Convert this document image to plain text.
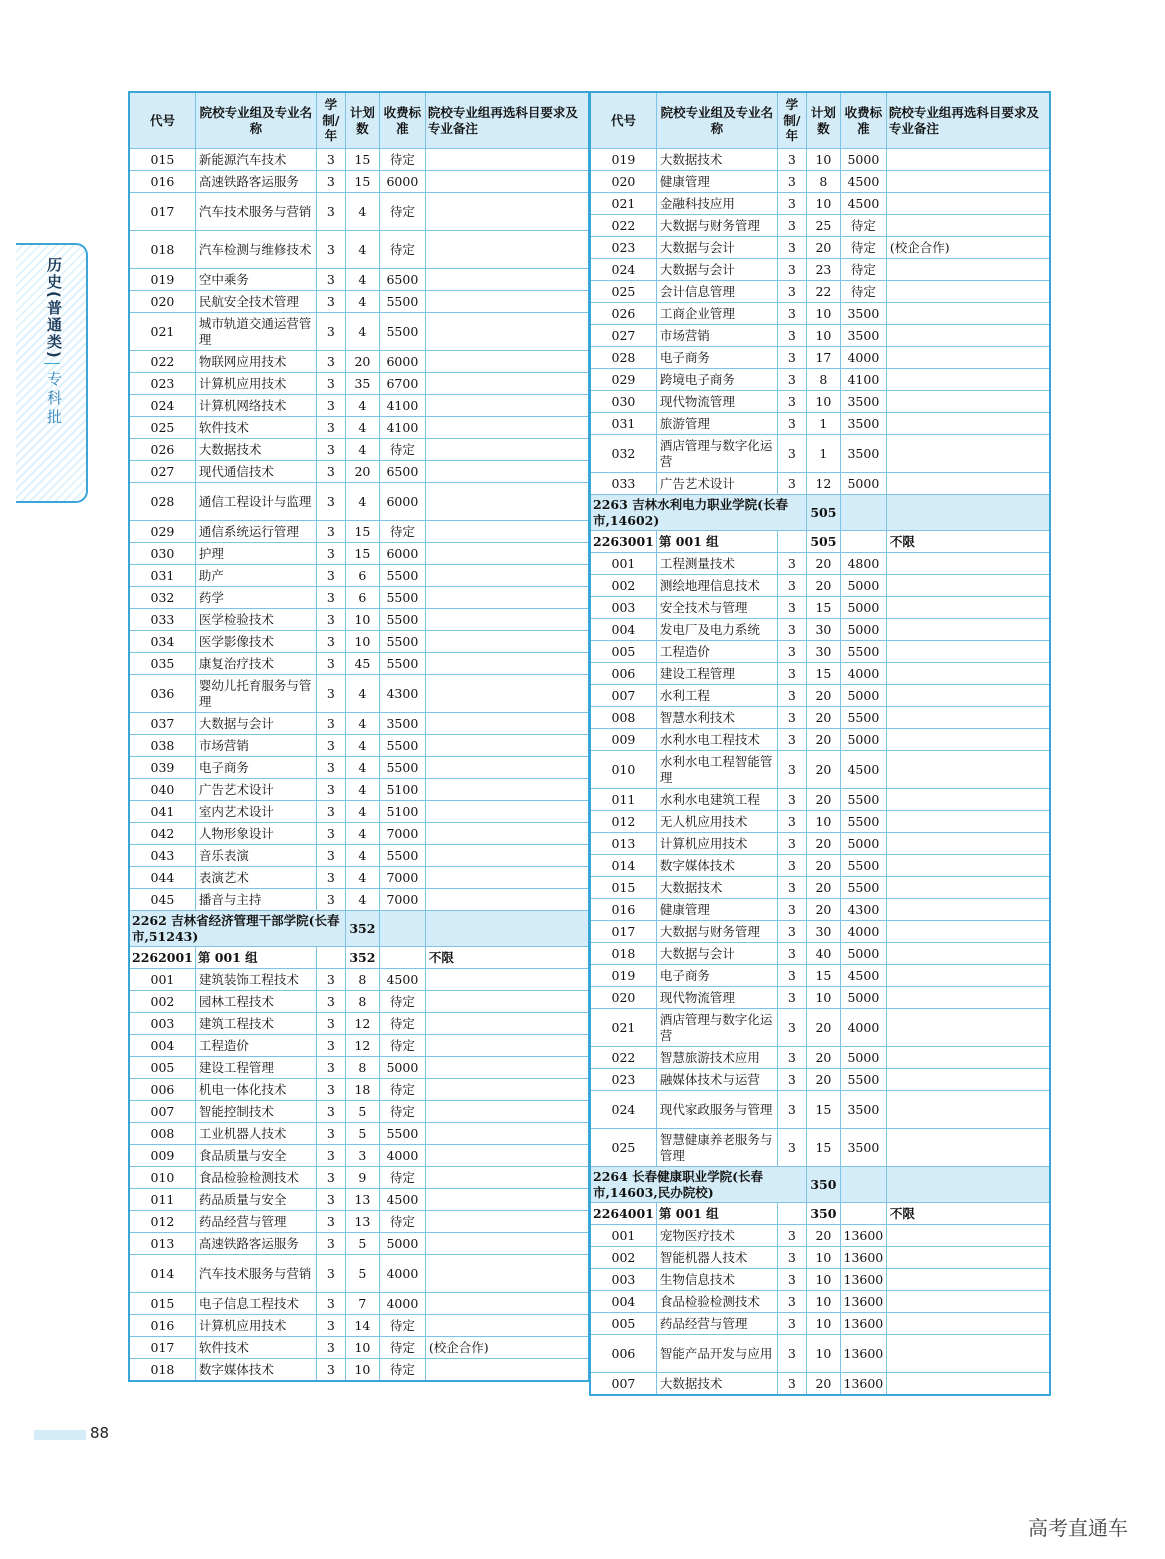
历史(普通类)
专科批
代号	院校专业组及专业名称	学制/年	计划数	收费标准	院校专业组再选科目要求及专业备注
015	新能源汽车技术	3	15	待定	
016	高速铁路客运服务	3	15	6000	
017	汽车技术服务与营销	3	4	待定	
018	汽车检测与维修技术	3	4	待定	
019	空中乘务	3	4	6500	
020	民航安全技术管理	3	4	5500	
021	城市轨道交通运营管理	3	4	5500	
022	物联网应用技术	3	20	6000	
023	计算机应用技术	3	35	6700	
024	计算机网络技术	3	4	4100	
025	软件技术	3	4	4100	
026	大数据技术	3	4	待定	
027	现代通信技术	3	20	6500	
028	通信工程设计与监理	3	4	6000	
029	通信系统运行管理	3	15	待定	
030	护理	3	15	6000	
031	助产	3	6	5500	
032	药学	3	6	5500	
033	医学检验技术	3	10	5500	
034	医学影像技术	3	10	5500	
035	康复治疗技术	3	45	5500	
036	婴幼儿托育服务与管理	3	4	4300	
037	大数据与会计	3	4	3500	
038	市场营销	3	4	5500	
039	电子商务	3	4	5500	
040	广告艺术设计	3	4	5100	
041	室内艺术设计	3	4	5100	
042	人物形象设计	3	4	7000	
043	音乐表演	3	4	5500	
044	表演艺术	3	4	7000	
045	播音与主持	3	4	7000	
2262 吉林省经济管理干部学院(长春市,51243)			352		
2262001	第 001 组		352		不限
001	建筑装饰工程技术	3	8	4500	
002	园林工程技术	3	8	待定	
003	建筑工程技术	3	12	待定	
004	工程造价	3	12	待定	
005	建设工程管理	3	8	5000	
006	机电一体化技术	3	18	待定	
007	智能控制技术	3	5	待定	
008	工业机器人技术	3	5	5500	
009	食品质量与安全	3	3	4000	
010	食品检验检测技术	3	9	待定	
011	药品质量与安全	3	13	4500	
012	药品经营与管理	3	13	待定	
013	高速铁路客运服务	3	5	5000	
014	汽车技术服务与营销	3	5	4000	
015	电子信息工程技术	3	7	4000	
016	计算机应用技术	3	14	待定	
017	软件技术	3	10	待定	(校企合作)
018	数字媒体技术	3	10	待定	
代号	院校专业组及专业名称	学制/年	计划数	收费标准	院校专业组再选科目要求及专业备注
019	大数据技术	3	10	5000	
020	健康管理	3	8	4500	
021	金融科技应用	3	10	4500	
022	大数据与财务管理	3	25	待定	
023	大数据与会计	3	20	待定	(校企合作)
024	大数据与会计	3	23	待定	
025	会计信息管理	3	22	待定	
026	工商企业管理	3	10	3500	
027	市场营销	3	10	3500	
028	电子商务	3	17	4000	
029	跨境电子商务	3	8	4100	
030	现代物流管理	3	10	3500	
031	旅游管理	3	1	3500	
032	酒店管理与数字化运营	3	1	3500	
033	广告艺术设计	3	12	5000	
2263 吉林水利电力职业学院(长春市,14602)			505		
2263001	第 001 组		505		不限
001	工程测量技术	3	20	4800	
002	测绘地理信息技术	3	20	5000	
003	安全技术与管理	3	15	5000	
004	发电厂及电力系统	3	30	5000	
005	工程造价	3	30	5500	
006	建设工程管理	3	15	4000	
007	水利工程	3	20	5000	
008	智慧水利技术	3	20	5500	
009	水利水电工程技术	3	20	5000	
010	水利水电工程智能管理	3	20	4500	
011	水利水电建筑工程	3	20	5500	
012	无人机应用技术	3	10	5500	
013	计算机应用技术	3	20	5000	
014	数字媒体技术	3	20	5500	
015	大数据技术	3	20	5500	
016	健康管理	3	20	4300	
017	大数据与财务管理	3	30	4000	
018	大数据与会计	3	40	5000	
019	电子商务	3	15	4500	
020	现代物流管理	3	10	5000	
021	酒店管理与数字化运营	3	20	4000	
022	智慧旅游技术应用	3	20	5000	
023	融媒体技术与运营	3	20	5500	
024	现代家政服务与管理	3	15	3500	
025	智慧健康养老服务与管理	3	15	3500	
2264 长春健康职业学院(长春市,14603,民办院校)			350		
2264001	第 001 组		350		不限
001	宠物医疗技术	3	20	13600	
002	智能机器人技术	3	10	13600	
003	生物信息技术	3	10	13600	
004	食品检验检测技术	3	10	13600	
005	药品经营与管理	3	10	13600	
006	智能产品开发与应用	3	10	13600	
007	大数据技术	3	20	13600	
88
高考直通车
